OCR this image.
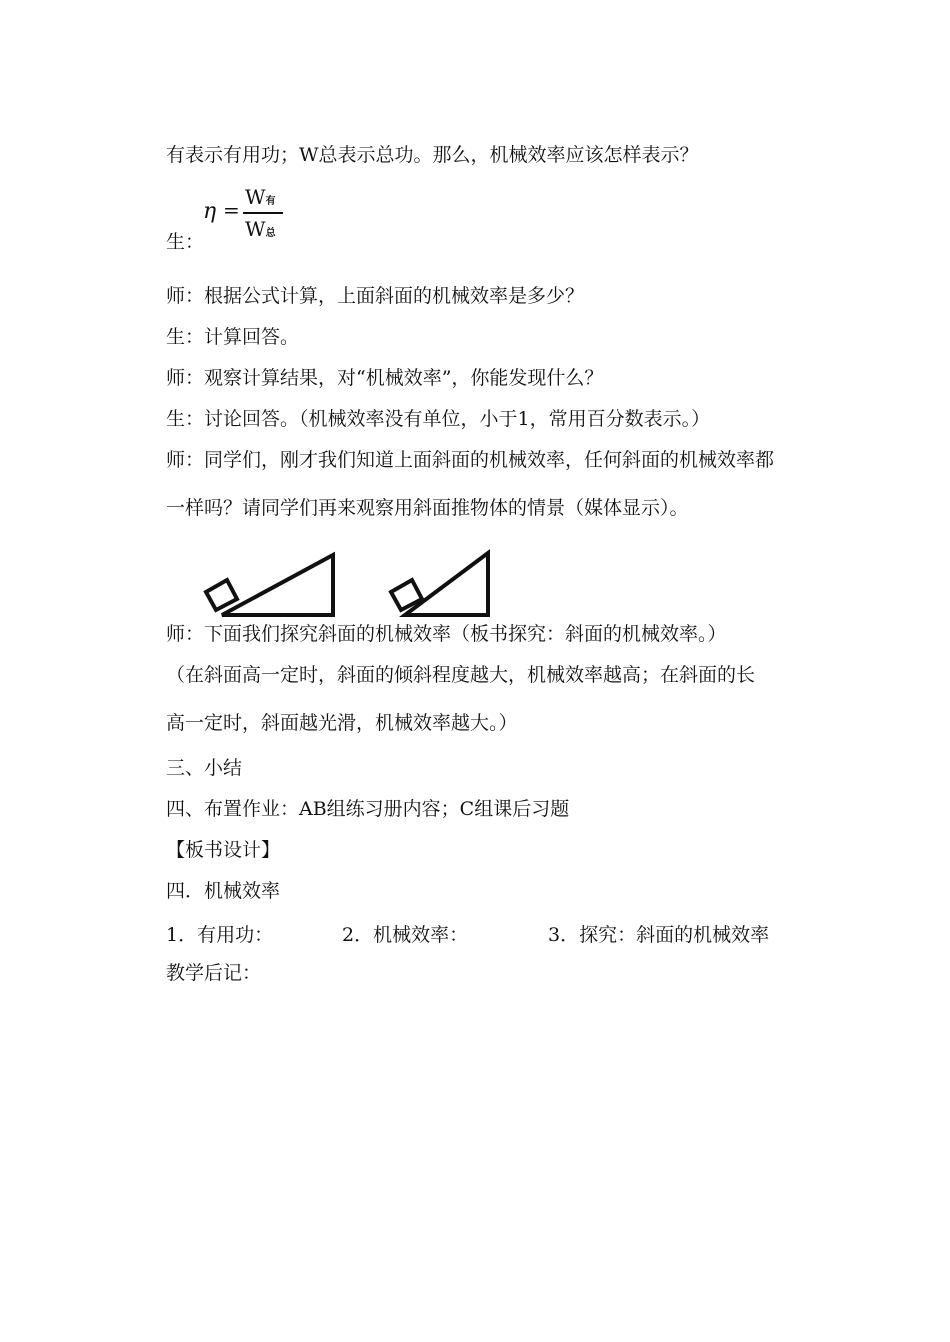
有表示有用功；W总表示总功。那么，机械效率应该怎样表示？
η =
W有
W总
生：
师：根据公式计算，上面斜面的机械效率是多少？
生：计算回答。
师：观察计算结果，对“机械效率”，你能发现什么？
生：讨论回答。（机械效率没有单位，小于1，常用百分数表示。）
师：同学们，刚才我们知道上面斜面的机械效率，任何斜面的机械效率都
一样吗？请同学们再来观察用斜面推物体的情景（媒体显示）。
师：下面我们探究斜面的机械效率（板书探究：斜面的机械效率。）
（在斜面高一定时，斜面的倾斜程度越大，机械效率越高；在斜面的长
高一定时，斜面越光滑，机械效率越大。）
三、小结
四、布置作业：AB组练习册内容；C组课后习题
【板书设计】
四．机械效率
1．有用功：	2．机械效率：	3．探究：斜面的机械效率
教学后记：
